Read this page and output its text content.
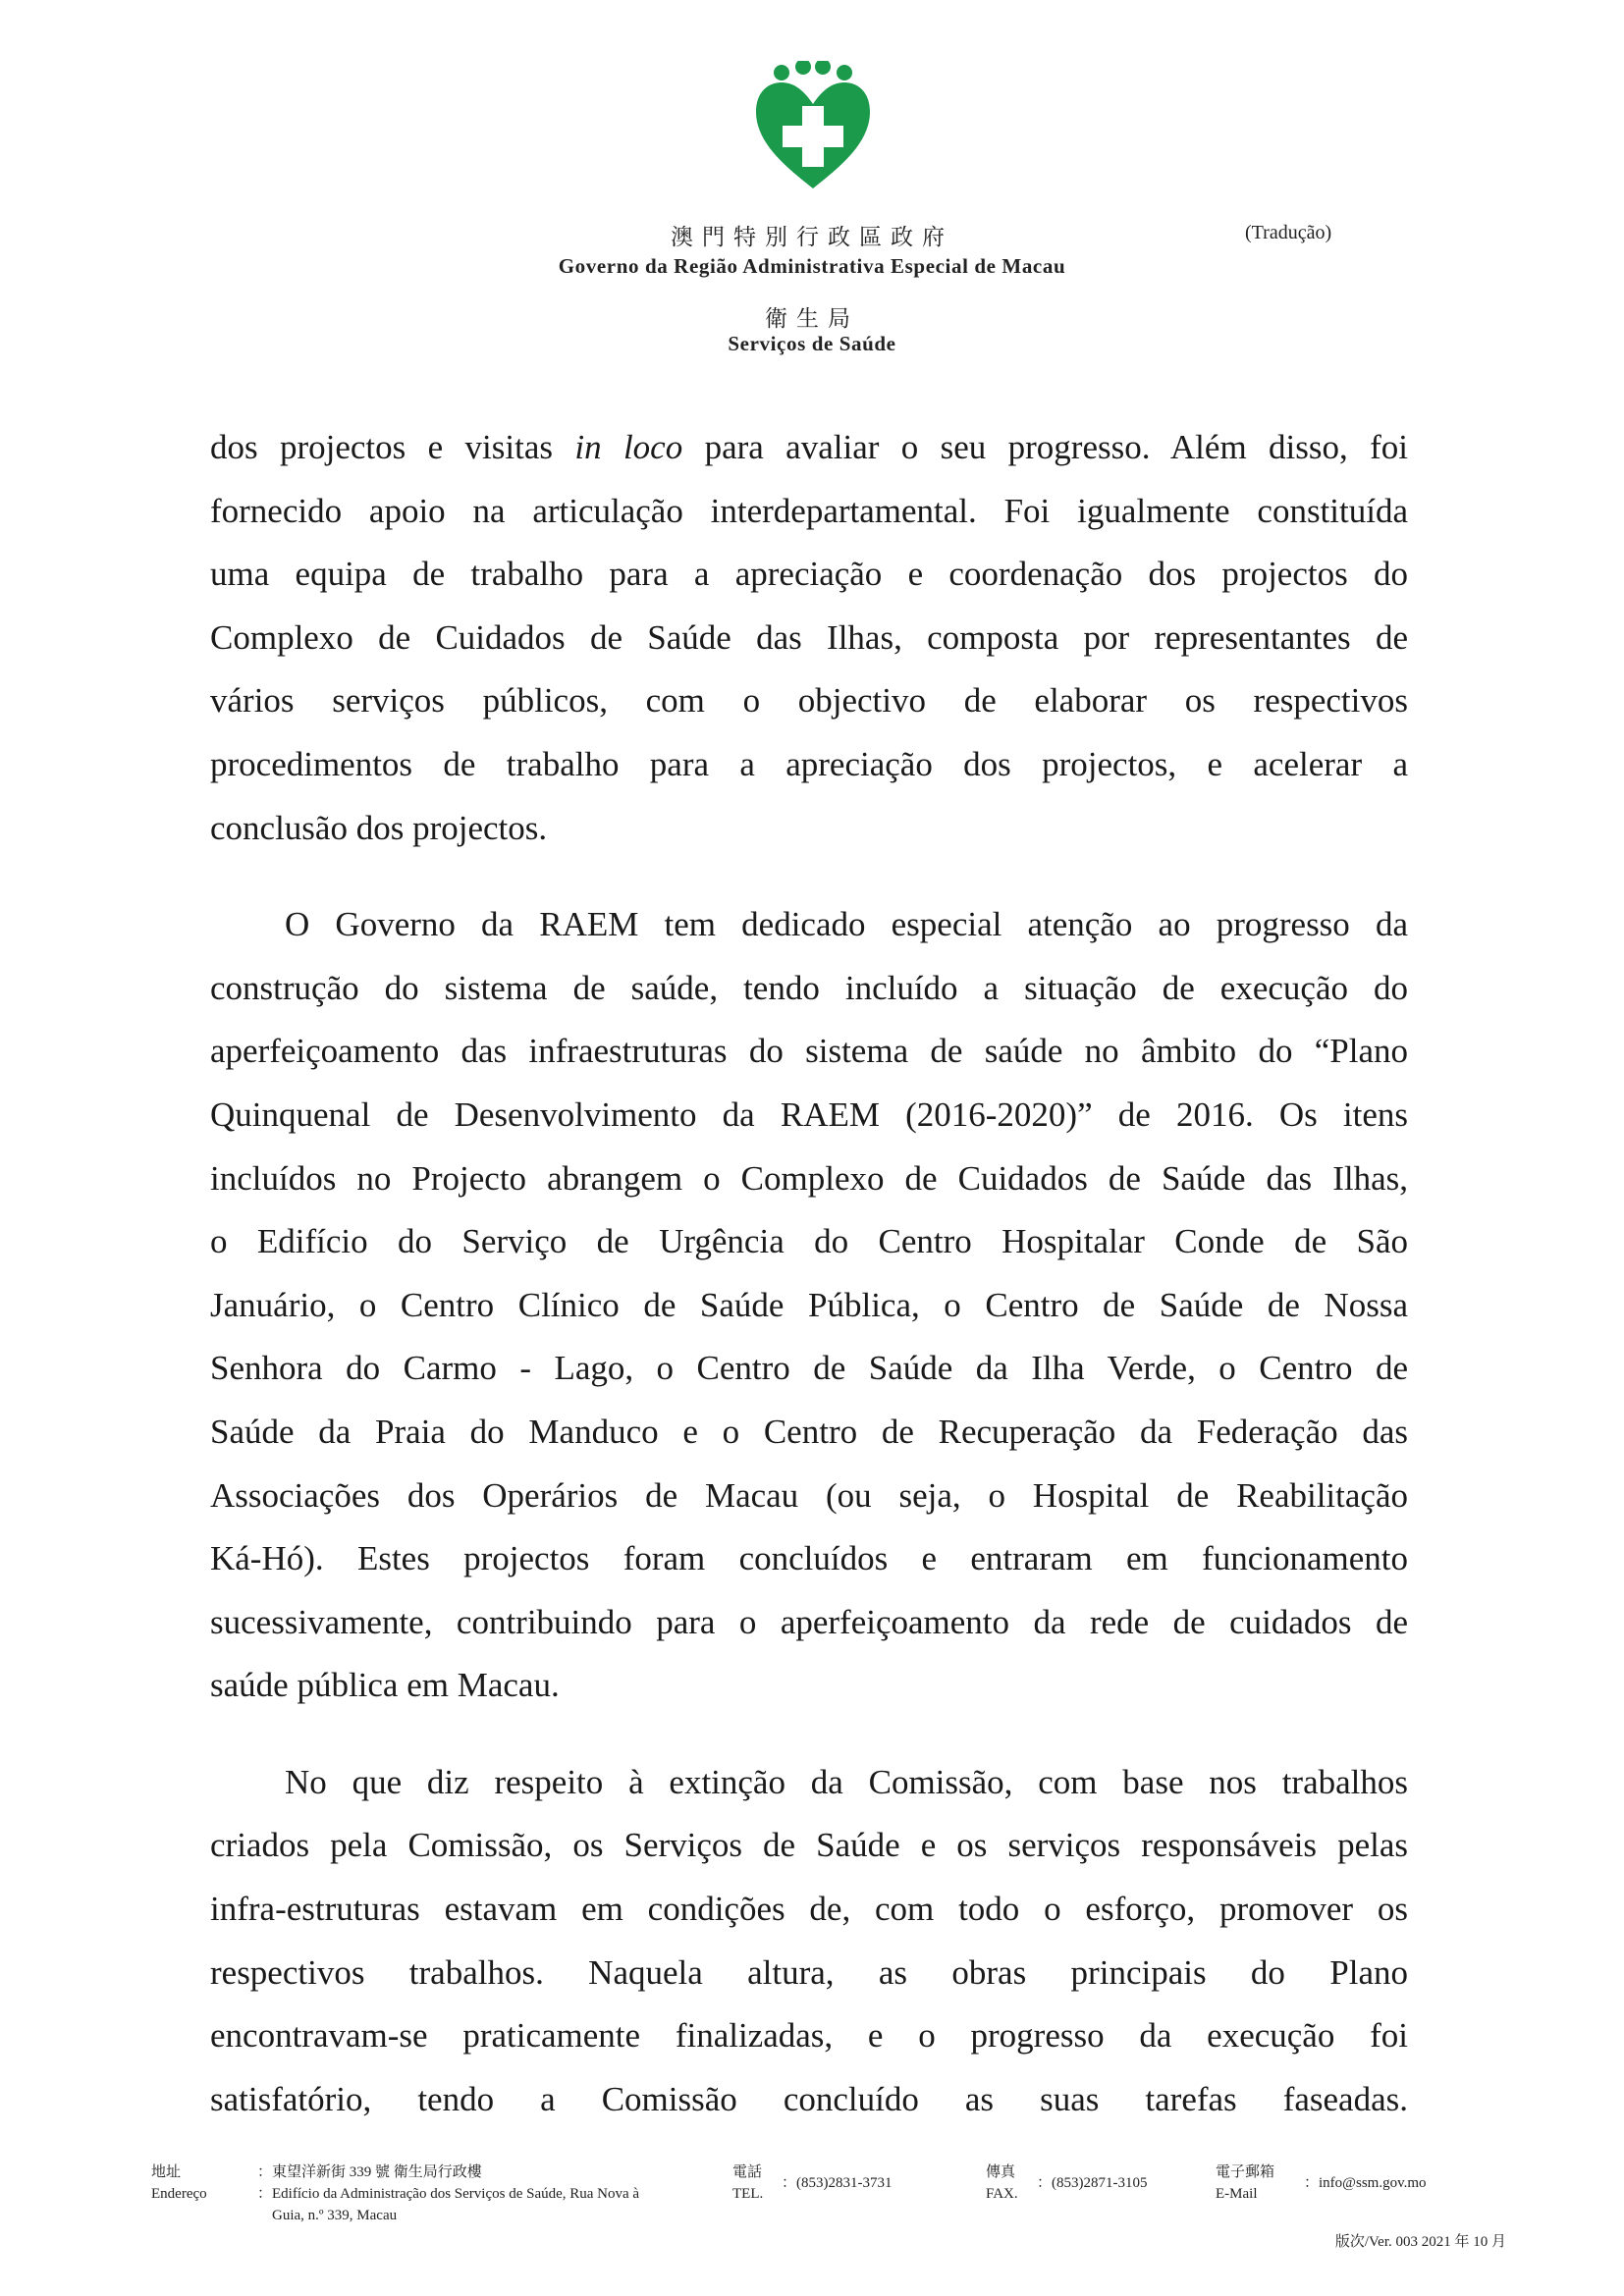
澳門特別行政區政府
Governo da Região Administrativa Especial de Macau
衛生局
Serviços de Saúde
(Tradução)
dos projectos e visitas in loco para avaliar o seu progresso. Além disso, foi
fornecido apoio na articulação interdepartamental. Foi igualmente constituída
uma equipa de trabalho para a apreciação e coordenação dos projectos do
Complexo de Cuidados de Saúde das Ilhas, composta por representantes de
vários serviços públicos, com o objectivo de elaborar os respectivos
procedimentos de trabalho para a apreciação dos projectos, e acelerar a
conclusão dos projectos.
O Governo da RAEM tem dedicado especial atenção ao progresso da
construção do sistema de saúde, tendo incluído a situação de execução do
aperfeiçoamento das infraestruturas do sistema de saúde no âmbito do “Plano
Quinquenal de Desenvolvimento da RAEM (2016-2020)” de 2016. Os itens
incluídos no Projecto abrangem o Complexo de Cuidados de Saúde das Ilhas,
o Edifício do Serviço de Urgência do Centro Hospitalar Conde de São
Januário, o Centro Clínico de Saúde Pública, o Centro de Saúde de Nossa
Senhora do Carmo - Lago, o Centro de Saúde da Ilha Verde, o Centro de
Saúde da Praia do Manduco e o Centro de Recuperação da Federação das
Associações dos Operários de Macau (ou seja, o Hospital de Reabilitação
Ká-Hó). Estes projectos foram concluídos e entraram em funcionamento
sucessivamente, contribuindo para o aperfeiçoamento da rede de cuidados de
saúde pública em Macau.
No que diz respeito à extinção da Comissão, com base nos trabalhos
criados pela Comissão, os Serviços de Saúde e os serviços responsáveis pelas
infra-estruturas estavam em condições de, com todo o esforço, promover os
respectivos trabalhos. Naquela altura, as obras principais do Plano
encontravam-se praticamente finalizadas, e o progresso da execução foi
satisfatório, tendo a Comissão concluído as suas tarefas faseadas.
地址
Endereço
：東望洋新街 339 號 衛生局行政樓
：Edifício da Administração dos Serviços de Saúde, Rua Nova à
Guia, n.º 339, Macau
電話
TEL.
：(853)2831-3731
傳真
FAX.
：(853)2871-3105
電子郵箱
E-Mail
：info@ssm.gov.mo
版次/Ver. 003 2021 年 10 月
